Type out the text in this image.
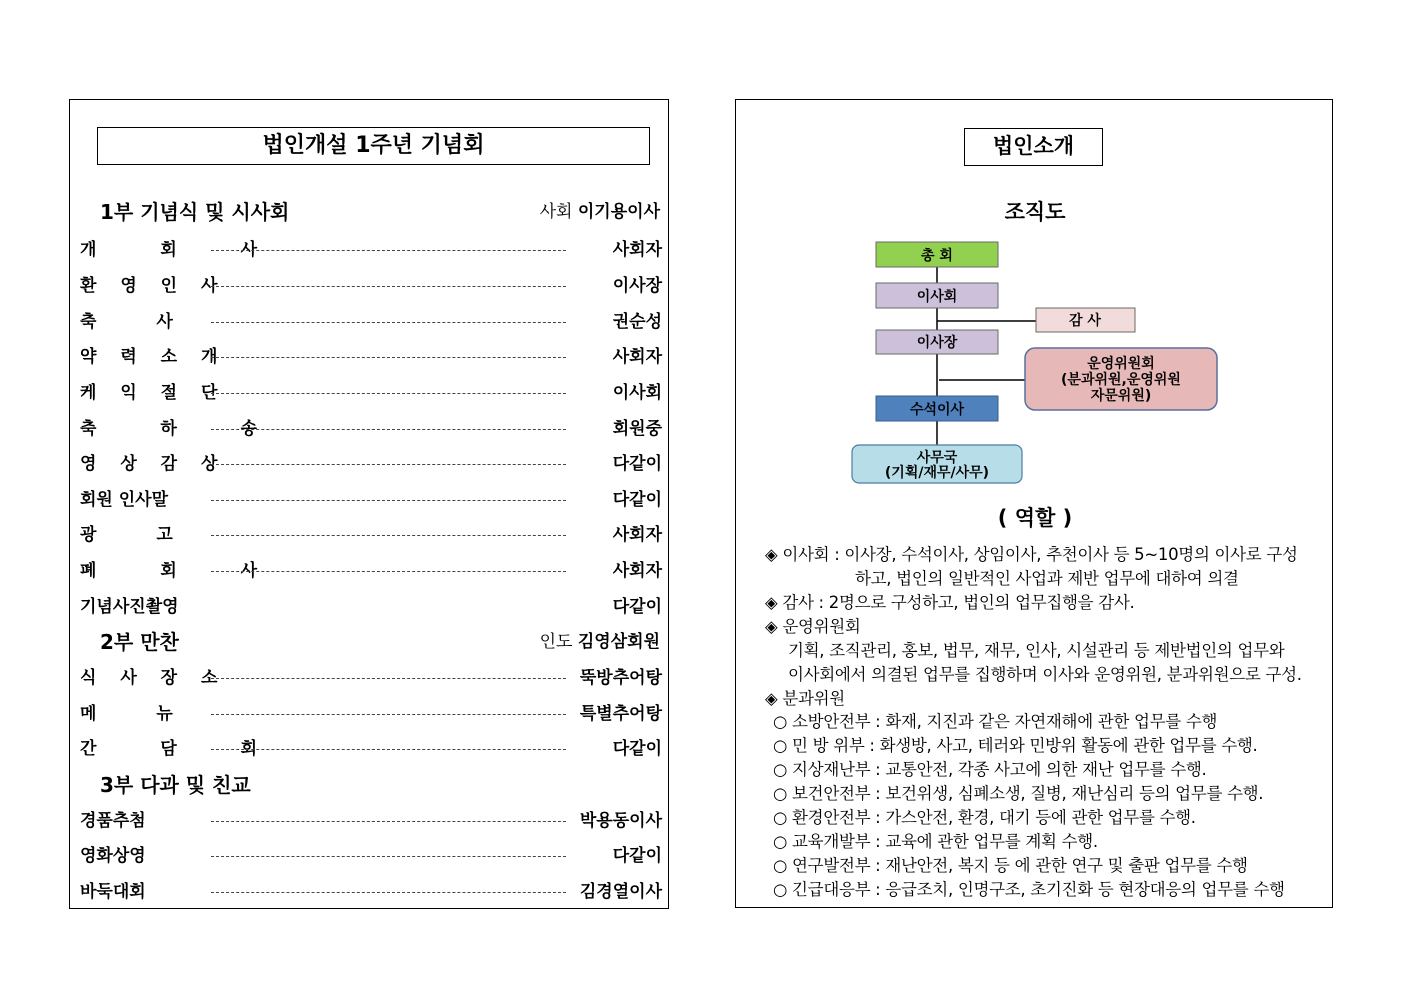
법인개설 1주년 기념회
1부 기념식 및 시사회	사회 이기용이사
개 회 사	사회자
환 영 인 사	이사장
축 사	권순성
약 력 소 개	사회자
케 익 절 단	이사회
축 하 송	회원중
영 상 감 상	다같이
회원 인사말	다같이
광 고	사회자
폐 회 사	사회자
기념사진촬영	다같이
2부 만찬	인도 김영삼회원
식 사 장 소	뚝방추어탕
메 뉴	특별추어탕
간 담 회	다같이
3부 다과 및 친교
경품추첨	박용동이사
영화상영	다같이
바둑대회	김경열이사
법인소개
조직도
총 회
이사회
감 사
이사장
운영위원회
(분과위원,운영위원
자문위원)
수석이사
사무국
(기획/재무/사무)
( 역할 )
◈ 이사회 : 이사장, 수석이사, 상임이사, 추천이사 등 5~10명의 이사로 구성
하고, 법인의 일반적인 사업과 제반 업무에 대하여 의결
◈ 감사 : 2명으로 구성하고, 법인의 업무집행을 감사.
◈ 운영위원회
기획, 조직관리, 홍보, 법무, 재무, 인사, 시설관리 등 제반법인의 업무와
이사회에서 의결된 업무를 집행하며 이사와 운영위원, 분과위원으로 구성.
◈ 분과위원
○ 소방안전부 : 화재, 지진과 같은 자연재해에 관한 업무를 수행
○ 민 방 위부 : 화생방, 사고, 테러와 민방위 활동에 관한 업무를 수행.
○ 지상재난부 : 교통안전, 각종 사고에 의한 재난 업무를 수행.
○ 보건안전부 : 보건위생, 심폐소생, 질병, 재난심리 등의 업무를 수행.
○ 환경안전부 : 가스안전, 환경, 대기 등에 관한 업무를 수행.
○ 교육개발부 : 교육에 관한 업무를 계획 수행.
○ 연구발전부 : 재난안전, 복지 등 에 관한 연구 및 출판 업무를 수행
○ 긴급대응부 : 응급조치, 인명구조, 초기진화 등 현장대응의 업무를 수행
